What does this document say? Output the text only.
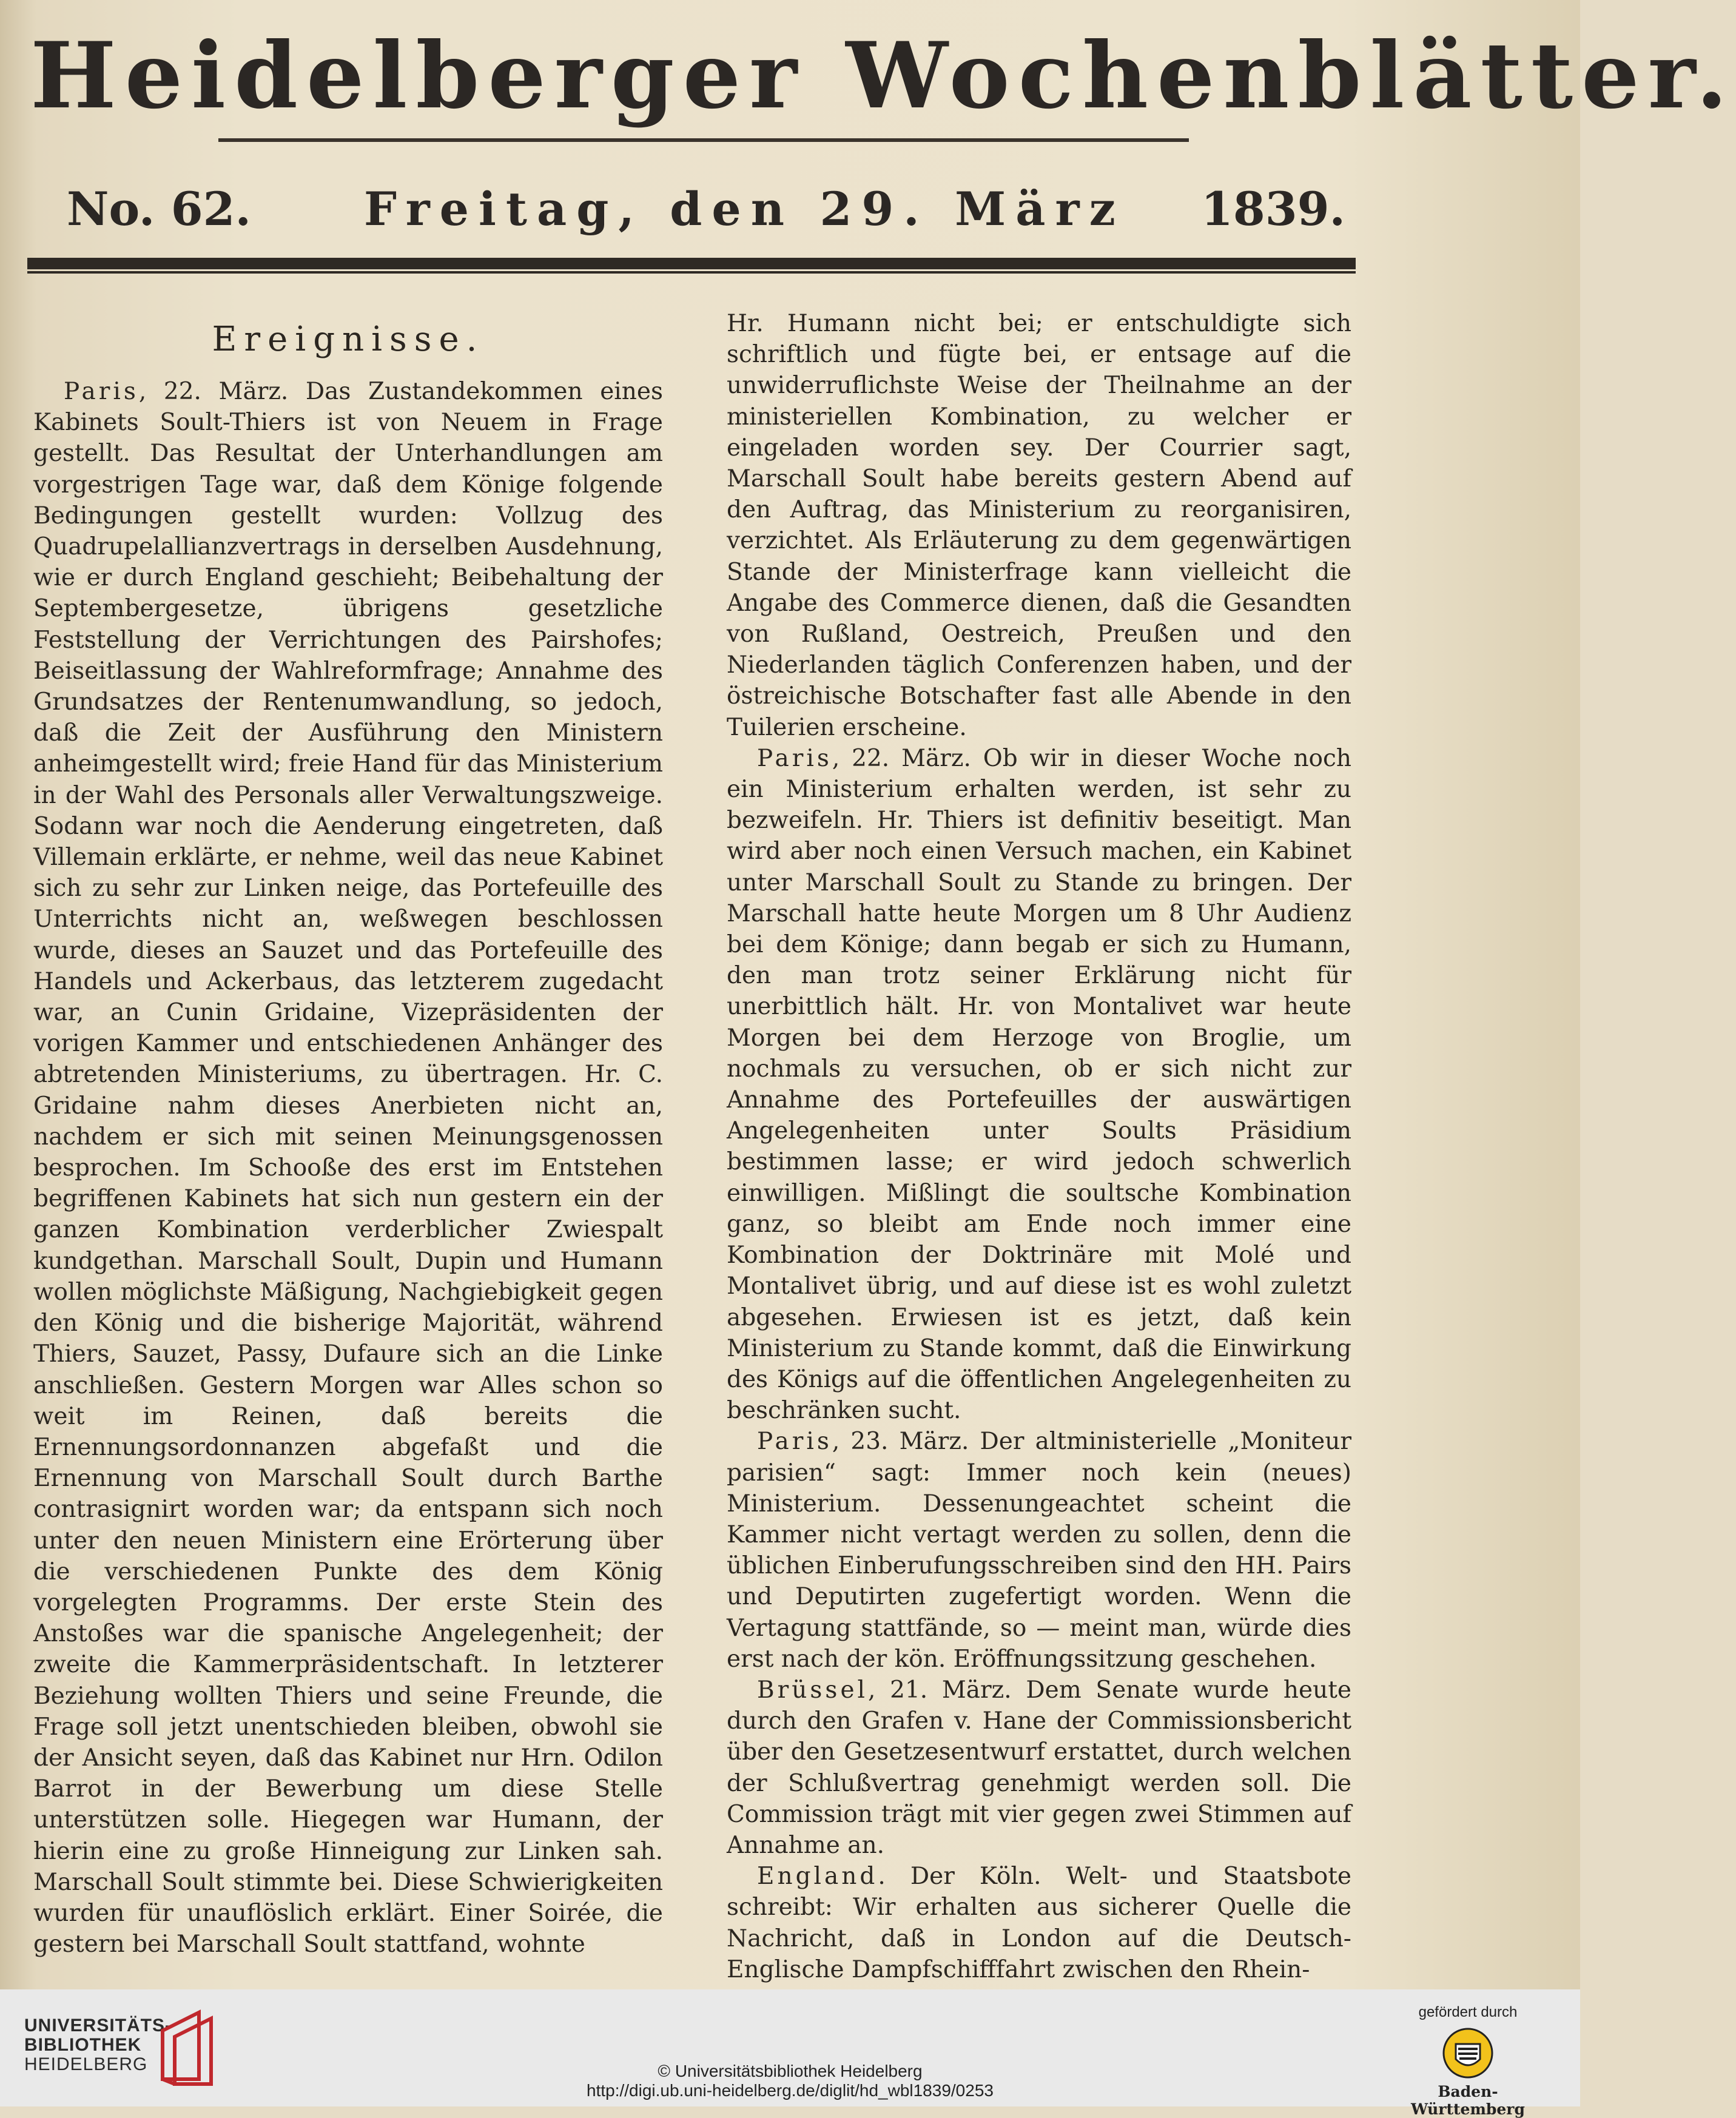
Heidelberger Wochenblätter.
No. 62. Freitag, den 29. März 1839.
Ereignisse.

Paris, 22. März. Das Zustandekommen eines Kabinets Soult-Thiers ist von Neuem in Frage gestellt. Das Resultat der Unterhandlungen am vorgestrigen Tage war, daß dem Könige folgende Bedingungen gestellt wurden: Vollzug des Quadrupelallianzvertrags in derselben Ausdehnung, wie er durch England geschieht; Beibehaltung der Septembergesetze, übrigens gesetzliche Feststellung der Verrichtungen des Pairshofes; Beiseitlassung der Wahlreformfrage; Annahme des Grundsatzes der Rentenumwandlung, so jedoch, daß die Zeit der Ausführung den Ministern anheimgestellt wird; freie Hand für das Ministerium in der Wahl des Personals aller Verwaltungszweige. Sodann war noch die Aenderung eingetreten, daß Villemain erklärte, er nehme, weil das neue Kabinet sich zu sehr zur Linken neige, das Portefeuille des Unterrichts nicht an, weßwegen beschlossen wurde, dieses an Sauzet und das Portefeuille des Handels und Ackerbaus, das letzterem zugedacht war, an Cunin Gridaine, Vizepräsidenten der vorigen Kammer und entschiedenen Anhänger des abtretenden Ministeriums, zu übertragen. Hr. C. Gridaine nahm dieses Anerbieten nicht an, nachdem er sich mit seinen Meinungsgenossen besprochen. Im Schooße des erst im Entstehen begriffenen Kabinets hat sich nun gestern ein der ganzen Kombination verderblicher Zwiespalt kundgethan. Marschall Soult, Dupin und Humann wollen möglichste Mäßigung, Nachgiebigkeit gegen den König und die bisherige Majorität, während Thiers, Sauzet, Passy, Dufaure sich an die Linke anschließen. Gestern Morgen war Alles schon so weit im Reinen, daß bereits die Ernennungsordonnanzen abgefaßt und die Ernennung von Marschall Soult durch Barthe contrasignirt worden war; da entspann sich noch unter den neuen Ministern eine Erörterung über die verschiedenen Punkte des dem König vorgelegten Programms. Der erste Stein des Anstoßes war die spanische Angelegenheit; der zweite die Kammerpräsidentschaft. In letzterer Beziehung wollten Thiers und seine Freunde, die Frage soll jetzt unentschieden bleiben, obwohl sie der Ansicht seyen, daß das Kabinet nur Hrn. Odilon Barrot in der Bewerbung um diese Stelle unterstützen solle. Hiegegen war Humann, der hierin eine zu große Hinneigung zur Linken sah. Marschall Soult stimmte bei. Diese Schwierigkeiten wurden für unauflöslich erklärt. Einer Soirée, die gestern bei Marschall Soult stattfand, wohnte

Hr. Humann nicht bei; er entschuldigte sich schriftlich und fügte bei, er entsage auf die unwiderruflichste Weise der Theilnahme an der ministeriellen Kombination, zu welcher er eingeladen worden sey. Der Courrier sagt, Marschall Soult habe bereits gestern Abend auf den Auftrag, das Ministerium zu reorganisiren, verzichtet. Als Erläuterung zu dem gegenwärtigen Stande der Ministerfrage kann vielleicht die Angabe des Commerce dienen, daß die Gesandten von Rußland, Oestreich, Preußen und den Niederlanden täglich Conferenzen haben, und der östreichische Botschafter fast alle Abende in den Tuilerien erscheine.

Paris, 22. März. Ob wir in dieser Woche noch ein Ministerium erhalten werden, ist sehr zu bezweifeln. Hr. Thiers ist definitiv beseitigt. Man wird aber noch einen Versuch machen, ein Kabinet unter Marschall Soult zu Stande zu bringen. Der Marschall hatte heute Morgen um 8 Uhr Audienz bei dem Könige; dann begab er sich zu Humann, den man trotz seiner Erklärung nicht für unerbittlich hält. Hr. von Montalivet war heute Morgen bei dem Herzoge von Broglie, um nochmals zu versuchen, ob er sich nicht zur Annahme des Portefeuilles der auswärtigen Angelegenheiten unter Soults Präsidium bestimmen lasse; er wird jedoch schwerlich einwilligen. Mißlingt die soultsche Kombination ganz, so bleibt am Ende noch immer eine Kombination der Doktrinäre mit Molé und Montalivet übrig, und auf diese ist es wohl zuletzt abgesehen. Erwiesen ist es jetzt, daß kein Ministerium zu Stande kommt, daß die Einwirkung des Königs auf die öffentlichen Angelegenheiten zu beschränken sucht.

Paris, 23. März. Der altministerielle „Moniteur parisien“ sagt: Immer noch kein (neues) Ministerium. Dessenungeachtet scheint die Kammer nicht vertagt werden zu sollen, denn die üblichen Einberufungsschreiben sind den HH. Pairs und Deputirten zugefertigt worden. Wenn die Vertagung stattfände, so — meint man, würde dies erst nach der kön. Eröffnungssitzung geschehen.

Brüssel, 21. März. Dem Senate wurde heute durch den Grafen v. Hane der Commissionsbericht über den Gesetzesentwurf erstattet, durch welchen der Schlußvertrag genehmigt werden soll. Die Commission trägt mit vier gegen zwei Stimmen auf Annahme an.

England. Der Köln. Welt- und Staatsbote schreibt: Wir erhalten aus sicherer Quelle die Nachricht, daß in London auf die Deutsch-Englische Dampfschifffahrt zwischen den Rhein-

UNIVERSITÄTS-
BIBLIOTHEK
HEIDELBERG	© Universitätsbibliothek Heidelberg
http://digi.ub.uni-heidelberg.de/diglit/hd_wbl1839/0253
gefördert durch
Baden-Württemberg
